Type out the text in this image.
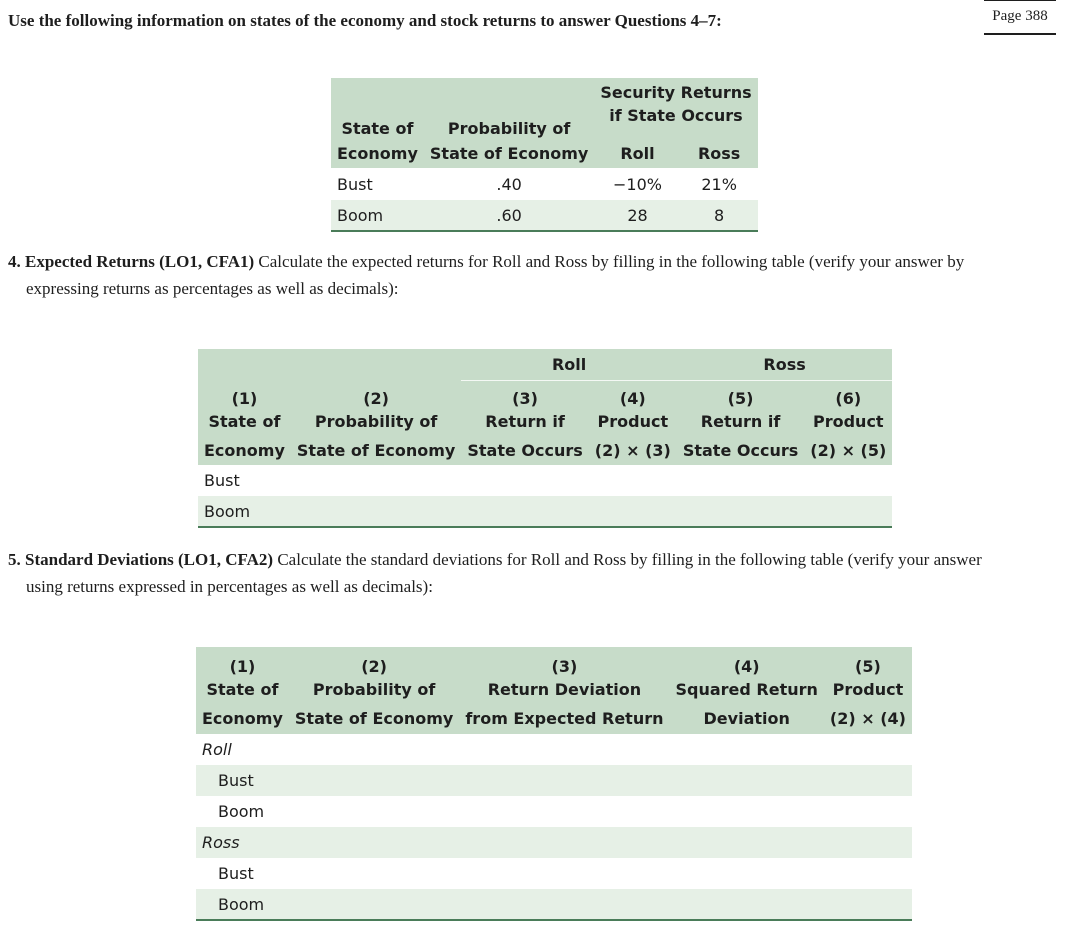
Page 388

Use the following information on states of the economy and stock returns to answer Questions 4–7:

		Security Returns	
State of	Probability of	if State Occurs	
Economy	State of Economy	Roll	Ross
Bust	.40	−10%	21%
Boom	.60	28	8

4. Expected Returns (LO1, CFA1) Calculate the expected returns for Roll and Ross by filling in the following table (verify your answer by
expressing returns as percentages as well as decimals):

		Roll		Ross	
(1)	(2)	(3)	(4)	(5)	(6)
State of	Probability of	Return if	Product	Return if	Product
Economy	State of Economy	State Occurs	(2) × (3)	State Occurs	(2) × (5)
Bust					
Boom					

5. Standard Deviations (LO1, CFA2) Calculate the standard deviations for Roll and Ross by filling in the following table (verify your answer
using returns expressed in percentages as well as decimals):

(1)	(2)	(3)	(4)	(5)
State of	Probability of	Return Deviation	Squared Return	Product
Economy	State of Economy	from Expected Return	Deviation	(2) × (4)
Roll				
Bust				
Boom				
Ross				
Bust				
Boom				
